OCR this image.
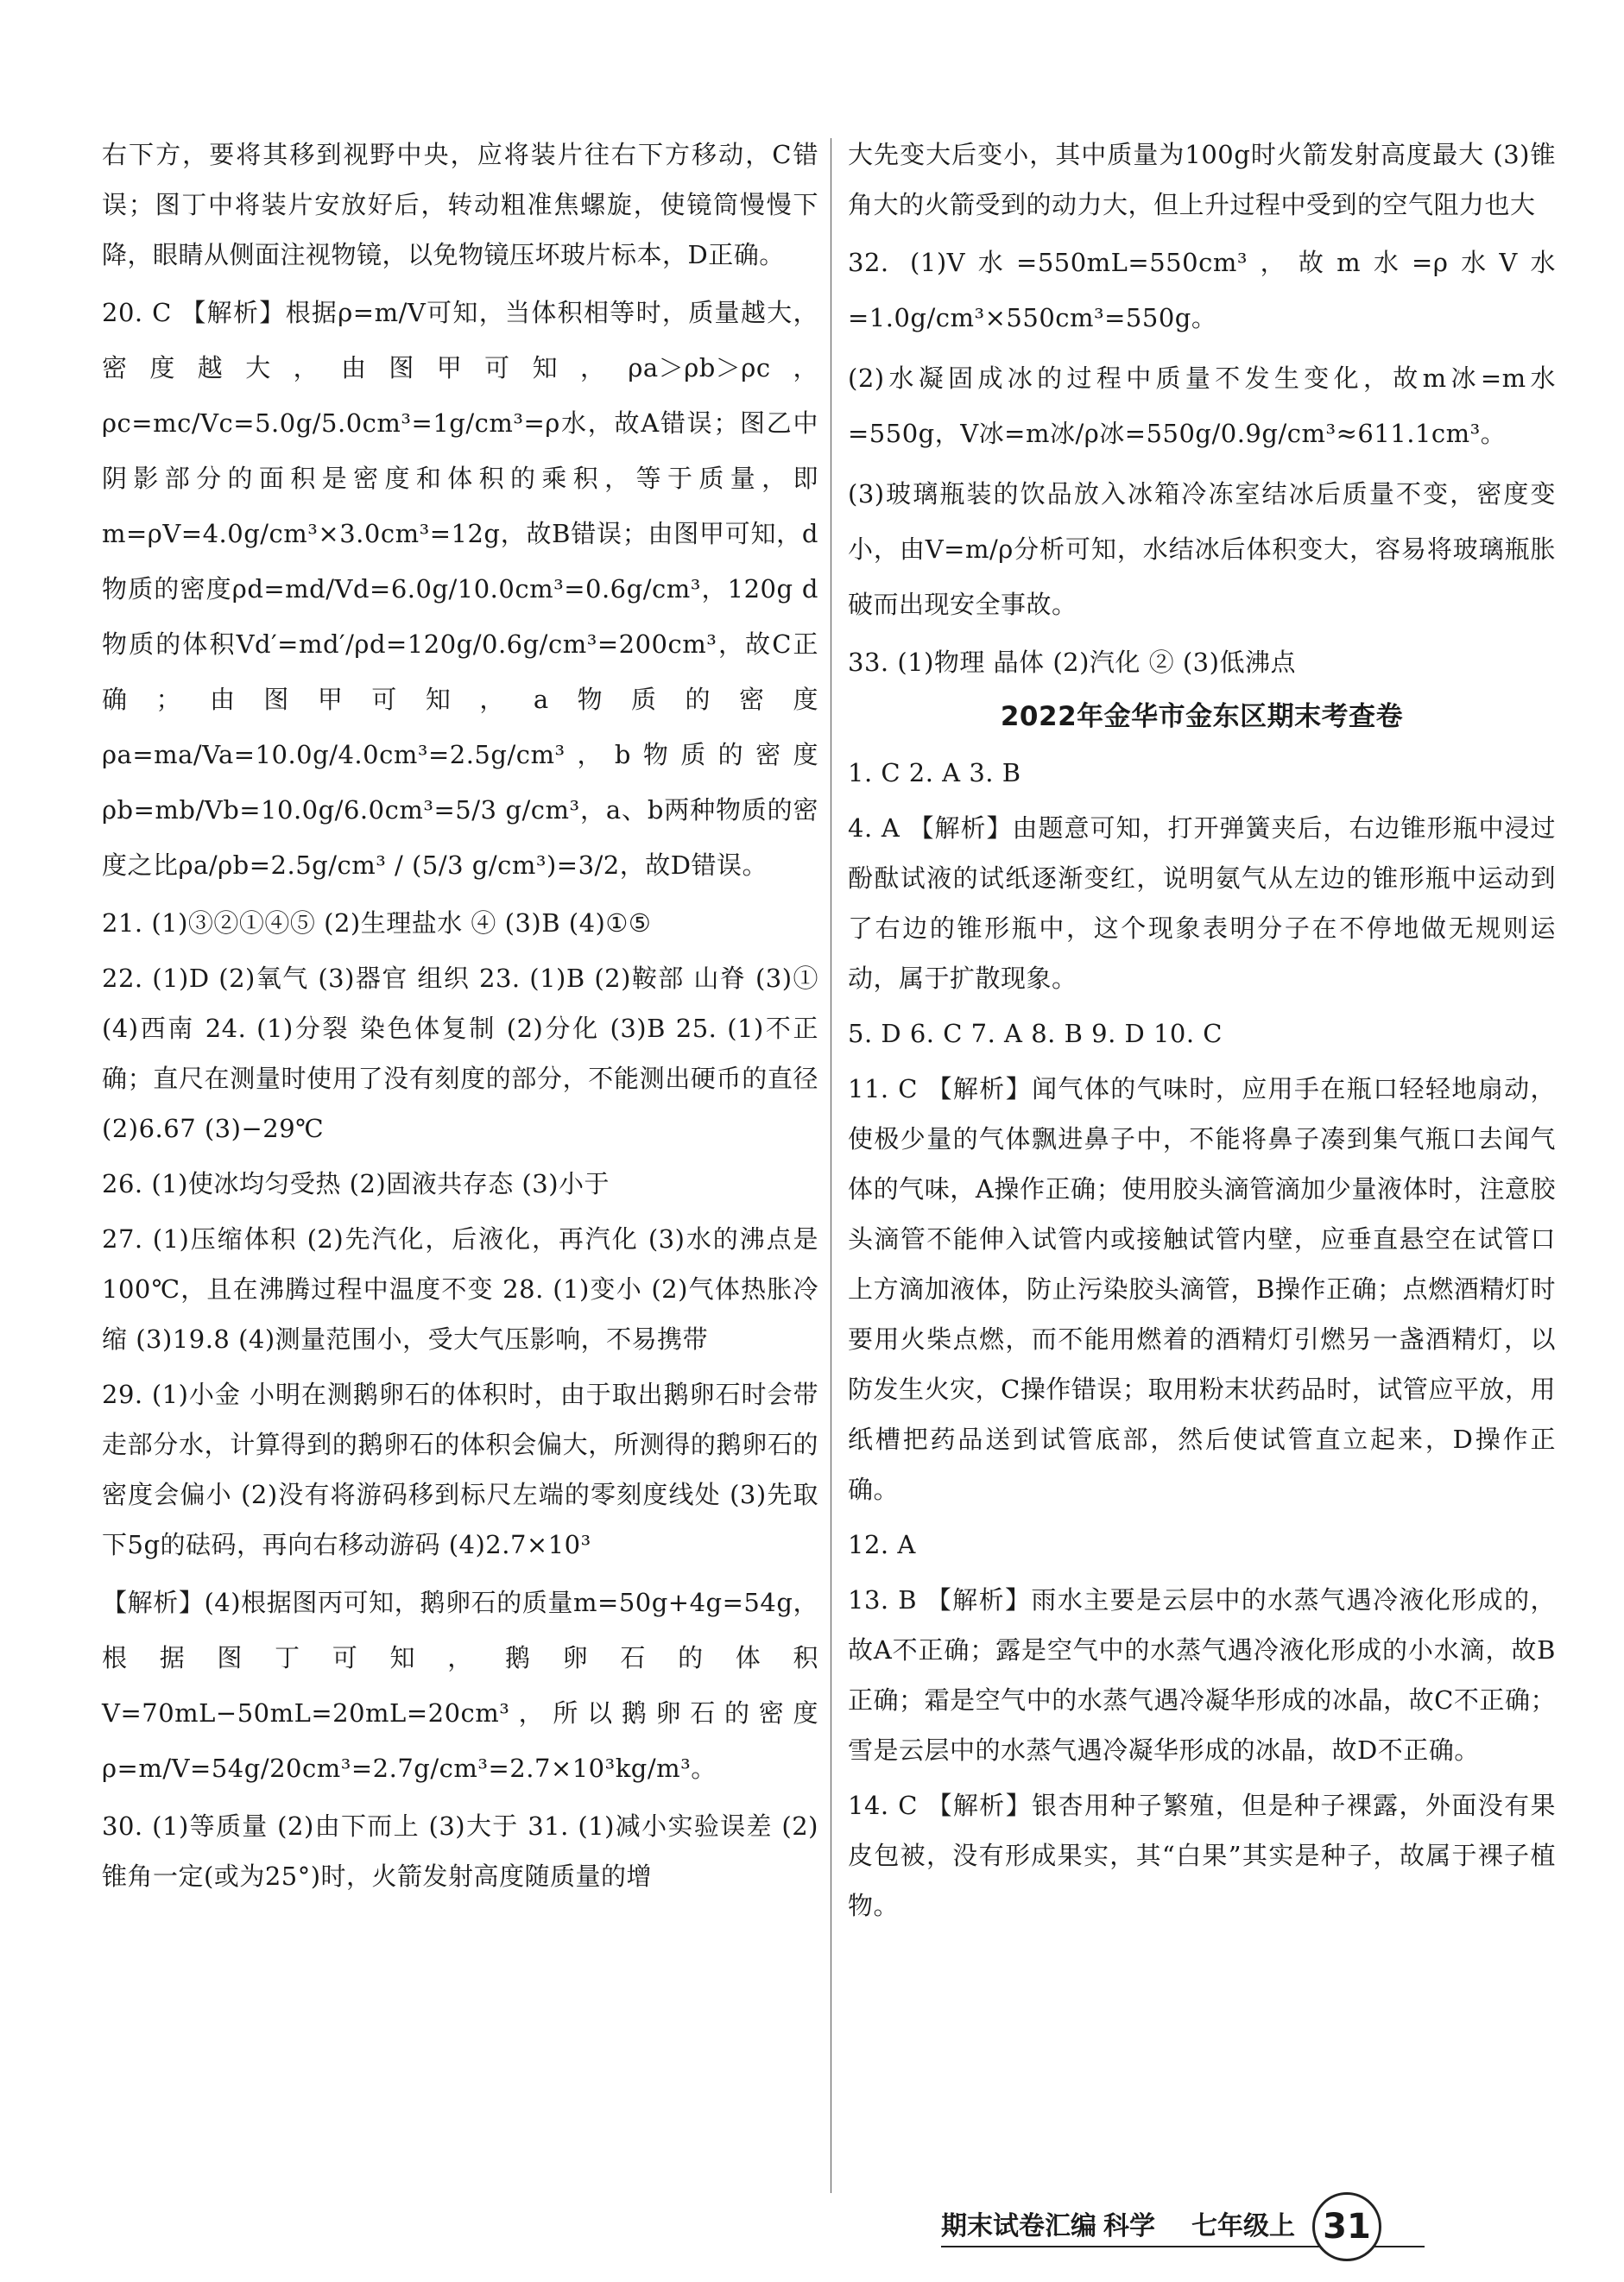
右下方，要将其移到视野中央，应将装片往右下方移动，C错误；图丁中将装片安放好后，转动粗准焦螺旋，使镜筒慢慢下降，眼睛从侧面注视物镜，以免物镜压坏玻片标本，D正确。

20. C 【解析】根据ρ=m/V可知，当体积相等时，质量越大，密度越大，由图甲可知，ρa＞ρb＞ρc，ρc=mc/Vc=5.0g/5.0cm³=1g/cm³=ρ水，故A错误；图乙中阴影部分的面积是密度和体积的乘积，等于质量，即m=ρV=4.0g/cm³×3.0cm³=12g，故B错误；由图甲可知，d物质的密度ρd=md/Vd=6.0g/10.0cm³=0.6g/cm³，120g d物质的体积Vd′=md′/ρd=120g/0.6g/cm³=200cm³，故C正确；由图甲可知，a物质的密度ρa=ma/Va=10.0g/4.0cm³=2.5g/cm³，b物质的密度ρb=mb/Vb=10.0g/6.0cm³=5/3 g/cm³，a、b两种物质的密度之比ρa/ρb=2.5g/cm³ / (5/3 g/cm³)=3/2，故D错误。

21. (1)③②①④⑤ (2)生理盐水 ④ (3)B (4)①⑤

22. (1)D (2)氧气 (3)器官 组织 23. (1)B (2)鞍部 山脊 (3)① (4)西南 24. (1)分裂 染色体复制 (2)分化 (3)B 25. (1)不正确；直尺在测量时使用了没有刻度的部分，不能测出硬币的直径 (2)6.67 (3)−29℃

26. (1)使冰均匀受热 (2)固液共存态 (3)小于

27. (1)压缩体积 (2)先汽化，后液化，再汽化 (3)水的沸点是100℃，且在沸腾过程中温度不变 28. (1)变小 (2)气体热胀冷缩 (3)19.8 (4)测量范围小，受大气压影响，不易携带

29. (1)小金 小明在测鹅卵石的体积时，由于取出鹅卵石时会带走部分水，计算得到的鹅卵石的体积会偏大，所测得的鹅卵石的密度会偏小 (2)没有将游码移到标尺左端的零刻度线处 (3)先取下5g的砝码，再向右移动游码 (4)2.7×10³

【解析】(4)根据图丙可知，鹅卵石的质量m=50g+4g=54g，根据图丁可知，鹅卵石的体积V=70mL−50mL=20mL=20cm³，所以鹅卵石的密度ρ=m/V=54g/20cm³=2.7g/cm³=2.7×10³kg/m³。

30. (1)等质量 (2)由下而上 (3)大于 31. (1)减小实验误差 (2)锥角一定(或为25°)时，火箭发射高度随质量的增

大先变大后变小，其中质量为100g时火箭发射高度最大 (3)锥角大的火箭受到的动力大，但上升过程中受到的空气阻力也大

32. (1)V水=550mL=550cm³，故m水=ρ水V水=1.0g/cm³×550cm³=550g。

(2)水凝固成冰的过程中质量不发生变化，故m冰=m水=550g，V冰=m冰/ρ冰=550g/0.9g/cm³≈611.1cm³。

(3)玻璃瓶装的饮品放入冰箱冷冻室结冰后质量不变，密度变小，由V=m/ρ分析可知，水结冰后体积变大，容易将玻璃瓶胀破而出现安全事故。

33. (1)物理 晶体 (2)汽化 ② (3)低沸点

2022年金华市金东区期末考查卷

1. C 2. A 3. B

4. A 【解析】由题意可知，打开弹簧夹后，右边锥形瓶中浸过酚酞试液的试纸逐渐变红，说明氨气从左边的锥形瓶中运动到了右边的锥形瓶中，这个现象表明分子在不停地做无规则运动，属于扩散现象。

5. D 6. C 7. A 8. B 9. D 10. C

11. C 【解析】闻气体的气味时，应用手在瓶口轻轻地扇动，使极少量的气体飘进鼻子中，不能将鼻子凑到集气瓶口去闻气体的气味，A操作正确；使用胶头滴管滴加少量液体时，注意胶头滴管不能伸入试管内或接触试管内壁，应垂直悬空在试管口上方滴加液体，防止污染胶头滴管，B操作正确；点燃酒精灯时要用火柴点燃，而不能用燃着的酒精灯引燃另一盏酒精灯，以防发生火灾，C操作错误；取用粉末状药品时，试管应平放，用纸槽把药品送到试管底部，然后使试管直立起来，D操作正确。

12. A

13. B 【解析】雨水主要是云层中的水蒸气遇冷液化形成的，故A不正确；露是空气中的水蒸气遇冷液化形成的小水滴，故B正确；霜是空气中的水蒸气遇冷凝华形成的冰晶，故C不正确；雪是云层中的水蒸气遇冷凝华形成的冰晶，故D不正确。

14. C 【解析】银杏用种子繁殖，但是种子裸露，外面没有果皮包被，没有形成果实，其“白果”其实是种子，故属于裸子植物。

期末试卷汇编 科学 七年级上 31
